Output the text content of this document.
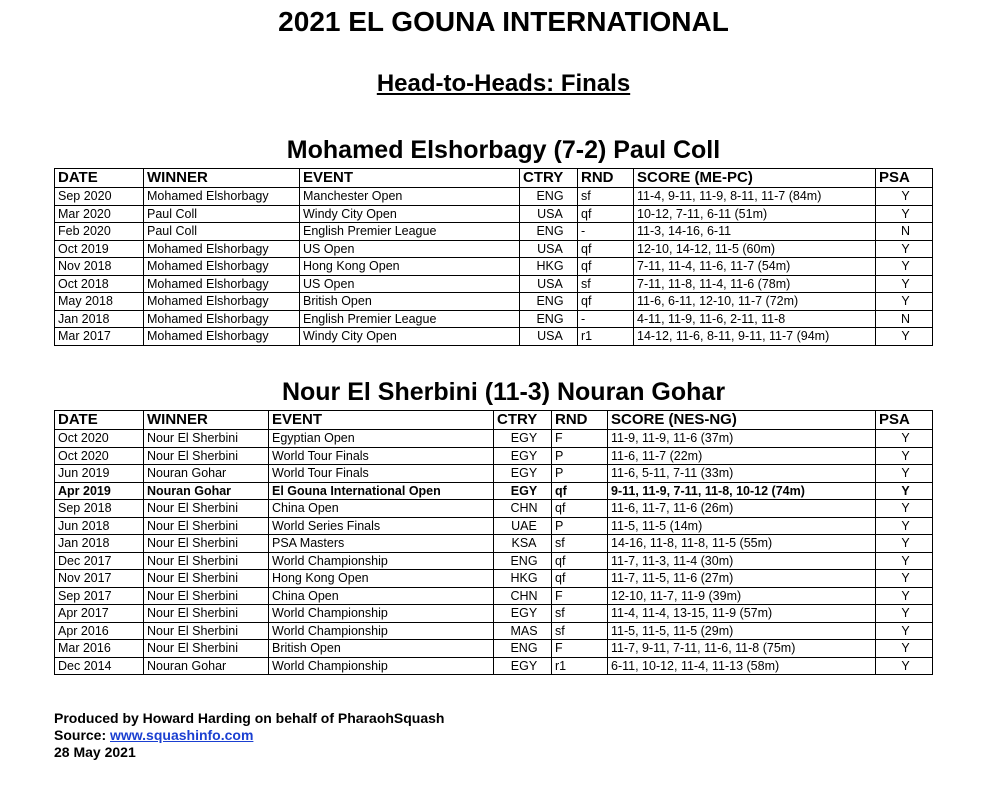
2021 EL GOUNA INTERNATIONAL
Head-to-Heads: Finals
Mohamed Elshorbagy (7-2) Paul Coll
DATE	WINNER	EVENT	CTRY	RND	SCORE (ME-PC)	PSA
Sep 2020	Mohamed Elshorbagy	Manchester Open	ENG	sf	11-4, 9-11, 11-9, 8-11, 11-7 (84m)	Y
Mar 2020	Paul Coll	Windy City Open	USA	qf	10-12, 7-11, 6-11 (51m)	Y
Feb 2020	Paul Coll	English Premier League	ENG	-	11-3, 14-16, 6-11	N
Oct 2019	Mohamed Elshorbagy	US Open	USA	qf	12-10, 14-12, 11-5 (60m)	Y
Nov 2018	Mohamed Elshorbagy	Hong Kong Open	HKG	qf	7-11, 11-4, 11-6, 11-7 (54m)	Y
Oct 2018	Mohamed Elshorbagy	US Open	USA	sf	7-11, 11-8, 11-4, 11-6 (78m)	Y
May 2018	Mohamed Elshorbagy	British Open	ENG	qf	11-6, 6-11, 12-10, 11-7 (72m)	Y
Jan 2018	Mohamed Elshorbagy	English Premier League	ENG	-	4-11, 11-9, 11-6, 2-11, 11-8	N
Mar 2017	Mohamed Elshorbagy	Windy City Open	USA	r1	14-12, 11-6, 8-11, 9-11, 11-7 (94m)	Y
Nour El Sherbini (11-3) Nouran Gohar
DATE	WINNER	EVENT	CTRY	RND	SCORE (NES-NG)	PSA
Oct 2020	Nour El Sherbini	Egyptian Open	EGY	F	11-9, 11-9, 11-6 (37m)	Y
Oct 2020	Nour El Sherbini	World Tour Finals	EGY	P	11-6, 11-7 (22m)	Y
Jun 2019	Nouran Gohar	World Tour Finals	EGY	P	11-6, 5-11, 7-11 (33m)	Y
Apr 2019	Nouran Gohar	El Gouna International Open	EGY	qf	9-11, 11-9, 7-11, 11-8, 10-12 (74m)	Y
Sep 2018	Nour El Sherbini	China Open	CHN	qf	11-6, 11-7, 11-6 (26m)	Y
Jun 2018	Nour El Sherbini	World Series Finals	UAE	P	11-5, 11-5 (14m)	Y
Jan 2018	Nour El Sherbini	PSA Masters	KSA	sf	14-16, 11-8, 11-8, 11-5 (55m)	Y
Dec 2017	Nour El Sherbini	World Championship	ENG	qf	11-7, 11-3, 11-4 (30m)	Y
Nov 2017	Nour El Sherbini	Hong Kong Open	HKG	qf	11-7, 11-5, 11-6 (27m)	Y
Sep 2017	Nour El Sherbini	China Open	CHN	F	12-10, 11-7, 11-9 (39m)	Y
Apr 2017	Nour El Sherbini	World Championship	EGY	sf	11-4, 11-4, 13-15, 11-9 (57m)	Y
Apr 2016	Nour El Sherbini	World Championship	MAS	sf	11-5, 11-5, 11-5 (29m)	Y
Mar 2016	Nour El Sherbini	British Open	ENG	F	11-7, 9-11, 7-11, 11-6, 11-8 (75m)	Y
Dec 2014	Nouran Gohar	World Championship	EGY	r1	6-11, 10-12, 11-4, 11-13 (58m)	Y
Produced by Howard Harding on behalf of PharaohSquash
Source: www.squashinfo.com
28 May 2021
